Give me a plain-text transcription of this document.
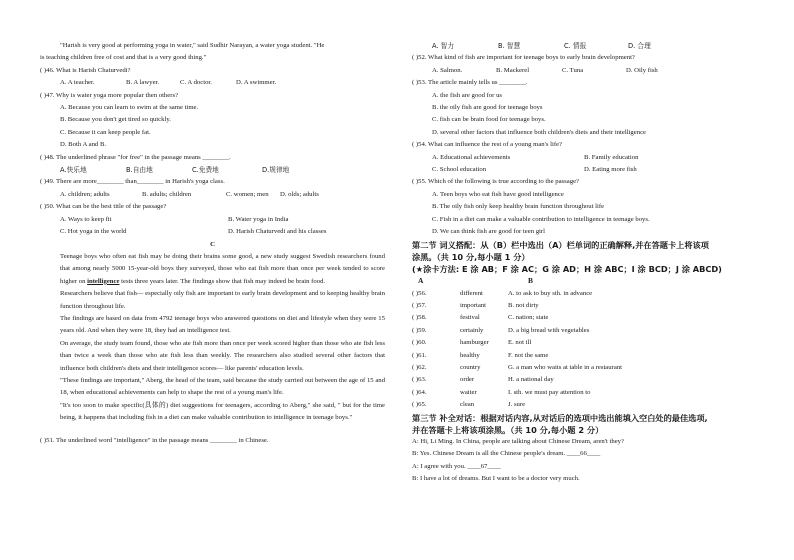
"Harish is very good at performing yoga in water," said Sudhir Narayan, a water yoga student. "He
is teaching children free of cost and that is a very good thing."
( )46. What is Harish Chaturvedi?
A. A teacher.	B. A lawyer.	C. A doctor.	D. A swimmer.
( )47. Why is water yoga more popular then others?
A. Because you can learn to swim at the same time.
B. Because you don't get tired so quickly.
C. Because it can keep people fat.
D. Both A and B.
( )48. The underlined phrase "for free" in the passage means ________.
A.快乐地	B.自由地	C.免费地	D.规律地
( )49. There are more________ than________ in Harish's yoga class.
A. children; adults	B. adults; children	C. women; men	D. olds; adults
( )50. What can be the best title of the passage?
A. Ways to keep fit	B. Water yoga in India
C. Hot yoga in the world	D. Harish Chaturvedi and his classes
C
Teenage boys who often eat fish may be doing their brains some good, a new study suggest Swedish researchers found that among nearly 5000 15-year-old boys they surveyed, those who eat fish more than once per week tended to score higher on intelligence tests three years later. The findings show that fish may indeed be brain food.
Researchers believe that fish— especially oily fish are important to early brain development and to keeping healthy brain function throughout life.
The findings are based on data from 4792 teenage boys who answered questions on diet and lifestyle when they were 15 years old. And when they were 18, they had an intelligence test.
On average, the study team found, those who ate fish more than once per week scored higher than those who ate fish less than twice a week than those who ate fish less than weekly. The researchers also studied several other factors that influence both children's diets and their intelligence scores— like parents' education levels.
"These findings are important," Aberg, the head of the team, said because the study carried out between the age of 15 and 18, when educational achievements can help to shape the rest of a young man's life.
"It's too soon to make specific(具体的) diet suggestions for teenagers, according to Aberg," she said, " but for the time being, it happens that including fish in a diet can make valuable contribution to intelligence in teenage boys."
( )51. The underlined word "intelligence" in the passage means ________ in Chinese.
A. 智力	B. 智慧	C. 情报	D. 合理
( )52. What kind of fish are important for teenage boys to early brain development?
A. Salmon.	B. Mackerel	C. Tuna	D. Oily fish
( )53. The article mainly tells us ________.
A. the fish are good for us
B. the oily fish are good for teenage boys
C. fish can be brain food for teenage boys.
D. several other factors that influence both children's diets and their intelligence
( )54. What can influence the rest of a young man's life?
A. Educational achievements	B. Family education
C. School education	D. Eating more fish
( )55. Which of the following is true according to the passage?
A. Teen boys who eat fish have good intelligence
B. The oily fish only keep healthy brain function throughout life
C. Fish in a diet can make a valuable contribution to intelligence in teenage boys.
D. We can think fish are good for teen girl
第二节 词义搭配：从（B）栏中选出（A）栏单词的正确解释,并在答题卡上将该项
涂黑。（共 10 分,每小题 1 分）
(★涂卡方法: E 涂 AB；F 涂 AC；G 涂 AD；H 涂 ABC；I 涂 BCD；J 涂 ABCD)
A	B
( )56.	different	A. to ask to buy sth. in advance
( )57.	important	B. not dirty
( )58.	festival	C. nation; state
( )59.	certainly	D. a big bread with vegetables
( )60.	hamburger	E. not ill
( )61.	healthy	F. not the same
( )62.	country	G. a man who waits at table in a restaurant
( )63.	order	H. a national day
( )64.	waiter	I. sth. we must pay attention to
( )65.	clean	J. sure
第三节 补全对话：根据对话内容,从对话后的选项中选出能填入空白处的最佳选项,
并在答题卡上将该项涂黑。（共 10 分,每小题 2 分）
A: Hi, Li Ming. In China, people are talking about Chinese Dream, aren't they?
B: Yes. Chinese Dream is all the Chinese people's dream. ____66____
A: I agree with you. ____67____
B: I have a lot of dreams. But I want to be a doctor very much.
